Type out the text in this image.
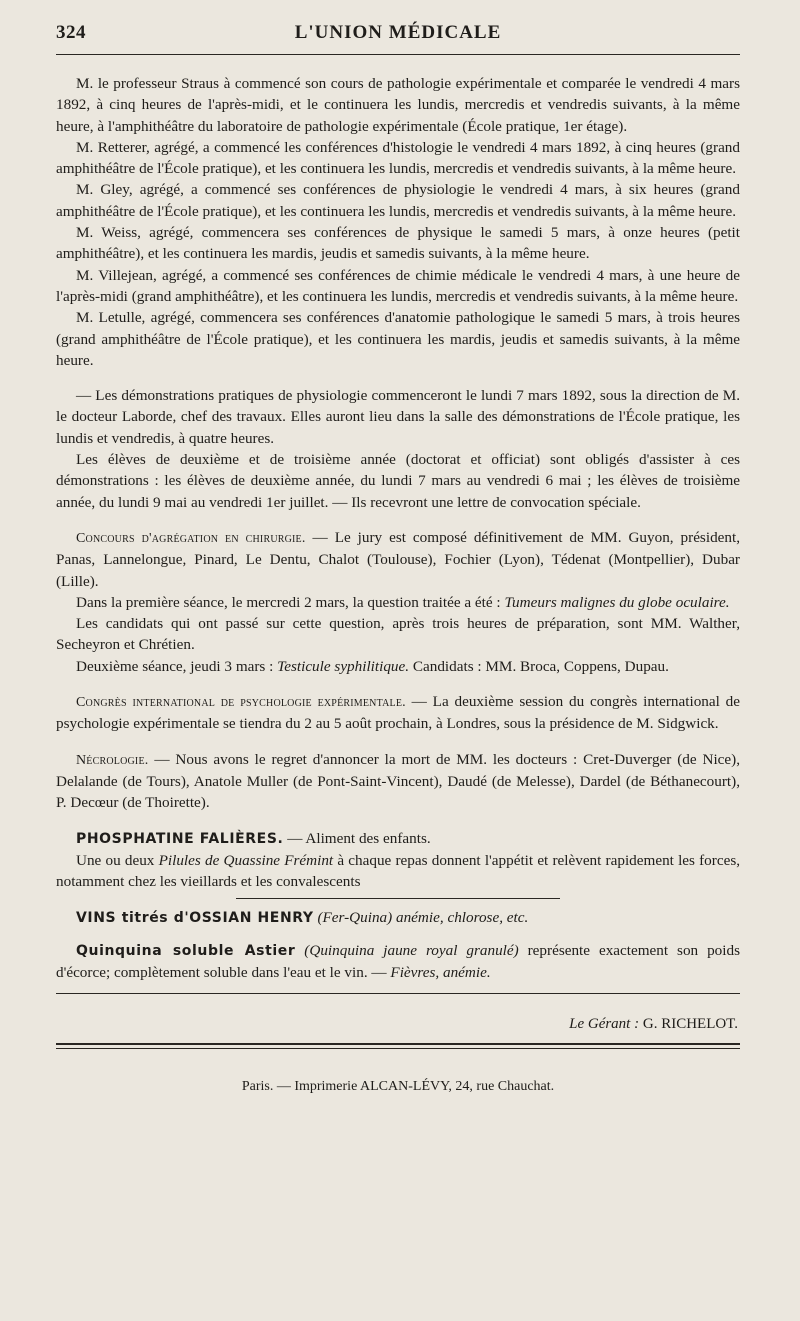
324	L'UNION MÉDICALE

M. le professeur Straus à commencé son cours de pathologie expérimentale et comparée le vendredi 4 mars 1892, à cinq heures de l'après-midi, et le continuera les lundis, mercredis et vendredis suivants, à la même heure, à l'amphithéâtre du laboratoire de pathologie expérimentale (École pratique, 1er étage).

M. Retterer, agrégé, a commencé les conférences d'histologie le vendredi 4 mars 1892, à cinq heures (grand amphithéâtre de l'École pratique), et les continuera les lundis, mercredis et vendredis suivants, à la même heure.

M. Gley, agrégé, a commencé ses conférences de physiologie le vendredi 4 mars, à six heures (grand amphithéâtre de l'École pratique), et les continuera les lundis, mercredis et vendredis suivants, à la même heure.

M. Weiss, agrégé, commencera ses conférences de physique le samedi 5 mars, à onze heures (petit amphithéâtre), et les continuera les mardis, jeudis et samedis suivants, à la même heure.

M. Villejean, agrégé, a commencé ses conférences de chimie médicale le vendredi 4 mars, à une heure de l'après-midi (grand amphithéâtre), et les continuera les lundis, mercredis et vendredis suivants, à la même heure.

M. Letulle, agrégé, commencera ses conférences d'anatomie pathologique le samedi 5 mars, à trois heures (grand amphithéâtre de l'École pratique), et les continuera les mardis, jeudis et samedis suivants, à la même heure.

— Les démonstrations pratiques de physiologie commenceront le lundi 7 mars 1892, sous la direction de M. le docteur Laborde, chef des travaux. Elles auront lieu dans la salle des démonstrations de l'École pratique, les lundis et vendredis, à quatre heures.

Les élèves de deuxième et de troisième année (doctorat et officiat) sont obligés d'assister à ces démonstrations : les élèves de deuxième année, du lundi 7 mars au vendredi 6 mai ; les élèves de troisième année, du lundi 9 mai au vendredi 1er juillet. — Ils recevront une lettre de convocation spéciale.

Concours d'agrégation en chirurgie. — Le jury est composé définitivement de MM. Guyon, président, Panas, Lannelongue, Pinard, Le Dentu, Chalot (Toulouse), Fochier (Lyon), Tédenat (Montpellier), Dubar (Lille).

Dans la première séance, le mercredi 2 mars, la question traitée a été : Tumeurs malignes du globe oculaire.

Les candidats qui ont passé sur cette question, après trois heures de préparation, sont MM. Walther, Secheyron et Chrétien.

Deuxième séance, jeudi 3 mars : Testicule syphilitique. Candidats : MM. Broca, Coppens, Dupau.

Congrès international de psychologie expérimentale. — La deuxième session du congrès international de psychologie expérimentale se tiendra du 2 au 5 août prochain, à Londres, sous la présidence de M. Sidgwick.

Nécrologie. — Nous avons le regret d'annoncer la mort de MM. les docteurs : Cret-Duverger (de Nice), Delalande (de Tours), Anatole Muller (de Pont-Saint-Vincent), Daudé (de Melesse), Dardel (de Béthanecourt), P. Decœur (de Thoirette).

PHOSPHATINE FALIÈRES. — Aliment des enfants.

Une ou deux Pilules de Quassine Frémint à chaque repas donnent l'appétit et relèvent rapidement les forces, notamment chez les vieillards et les convalescents

VINS titrés d'OSSIAN HENRY (Fer-Quina) anémie, chlorose, etc.

Quinquina soluble Astier (Quinquina jaune royal granulé) représente exactement son poids d'écorce; complètement soluble dans l'eau et le vin. — Fièvres, anémie.

Le Gérant : G. RICHELOT.
Paris. — Imprimerie ALCAN-LÉVY, 24, rue Chauchat.
